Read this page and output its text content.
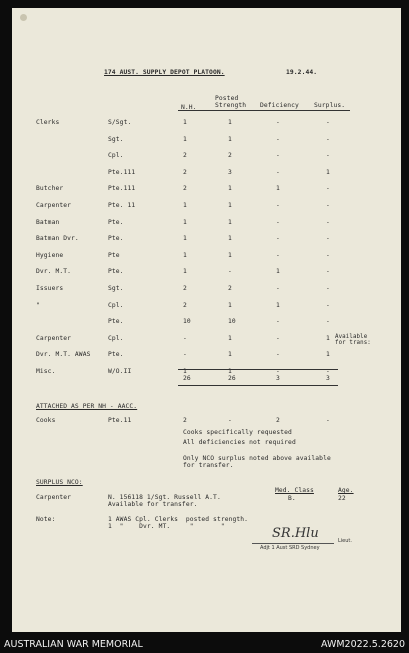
174 AUST. SUPPLY DEPOT PLATOON.	19.2.44.
N.H.
Posted
Strength Deficiency Surplus.
Clerks	S/Sgt.	1	1	-	-
Sgt.	1	1	-	-
Cpl.	2	2	-	-
Pte.111	2	3	-	1
Butcher	Pte.111	2	1	1	-
Carpenter	Pte. 11	1	1	-	-
Batman	Pte.	1	1	-	-
Batman Dvr.	Pte.	1	1	-	-
Hygiene	Pte	1	1	-	-
Dvr. M.T.	Pte.	1	-	1	-
Issuers	Sgt.	2	2	-	-
"	Cpl.	2	1	1	-
Pte.	10	10	-	-
Carpenter	Cpl.	-	1	-	1 Available
for trans:
Dvr. M.T. AWAS	Pte.	-	1	-	1
Misc.	W/O.II	1	1	-	-
26	26	3	3
ATTACHED AS PER NH - AACC.
Cooks	Pte.11	2	-	2	-
Cooks specifically requested
All deficiencies not required
Only NCO surplus noted above available
for transfer.
SURPLUS NCO:
Carpenter	N. 156118 1/Sgt. Russell A.T.
Available for transfer.
Med. Class
B.
Age.
22
Note:	1 AWAS Cpl. Clerks  posted strength.
1  "    Dvr. MT.     "       "	SR.Hlu	Lieut.
Adjt 1 Aust SRD Sydney
AUSTRALIAN WAR MEMORIAL	AWM2022.5.2620
